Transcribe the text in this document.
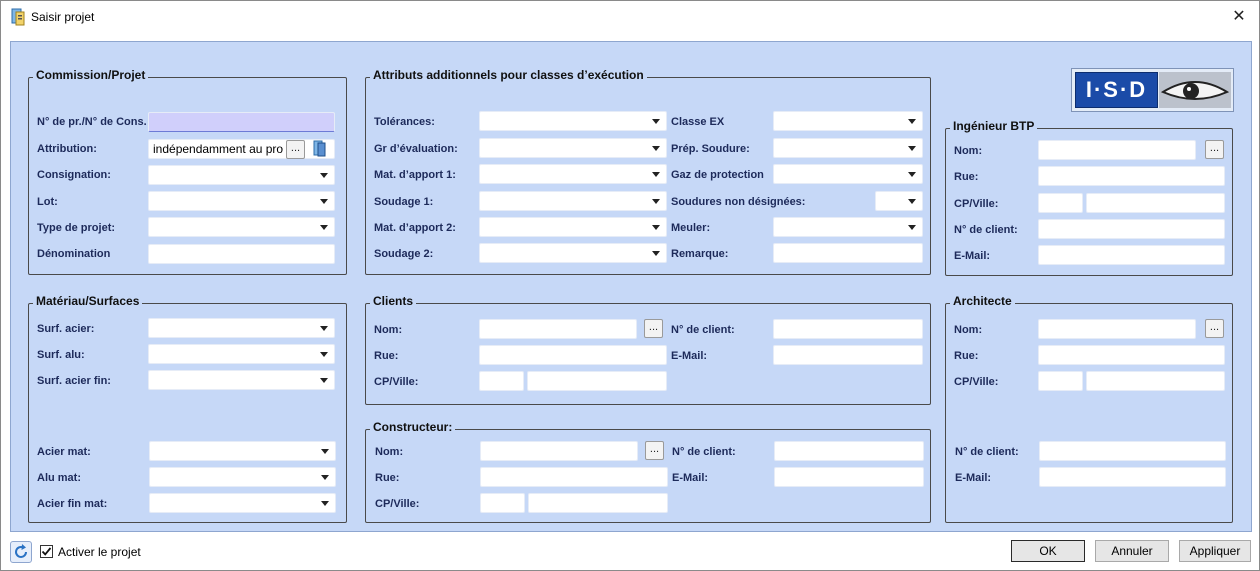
Saisir projet	✕
Commission/Projet
N° de pr./N° de Cons.
Attribution:	indépendamment au pro ...
Consignation:
Lot:
Type de projet:
Dénomination
Attributs additionnels pour classes d’exécution
Tolérances:
Gr d’évaluation:
Mat. d’apport 1:
Soudage 1:
Mat. d’apport 2:
Soudage 2:
Classe EX
Prép. Soudure:
Gaz de protection
Soudures non désignées:
Meuler:
Remarque:
I·S·D
Ingénieur BTP
Nom:	...
Rue:
CP/Ville:
N° de client:
E-Mail:
Matériau/Surfaces
Surf. acier:
Surf. alu:
Surf. acier fin:
Acier mat:
Alu mat:
Acier fin mat:
Clients
Nom:	...
Rue:
CP/Ville:
N° de client:
E-Mail:
Constructeur:
Nom:	...
Rue:
CP/Ville:
N° de client:
E-Mail:
Architecte
Nom:	...
Rue:
CP/Ville:
N° de client:
E-Mail:
Activer le projet	OK	Annuler	Appliquer
